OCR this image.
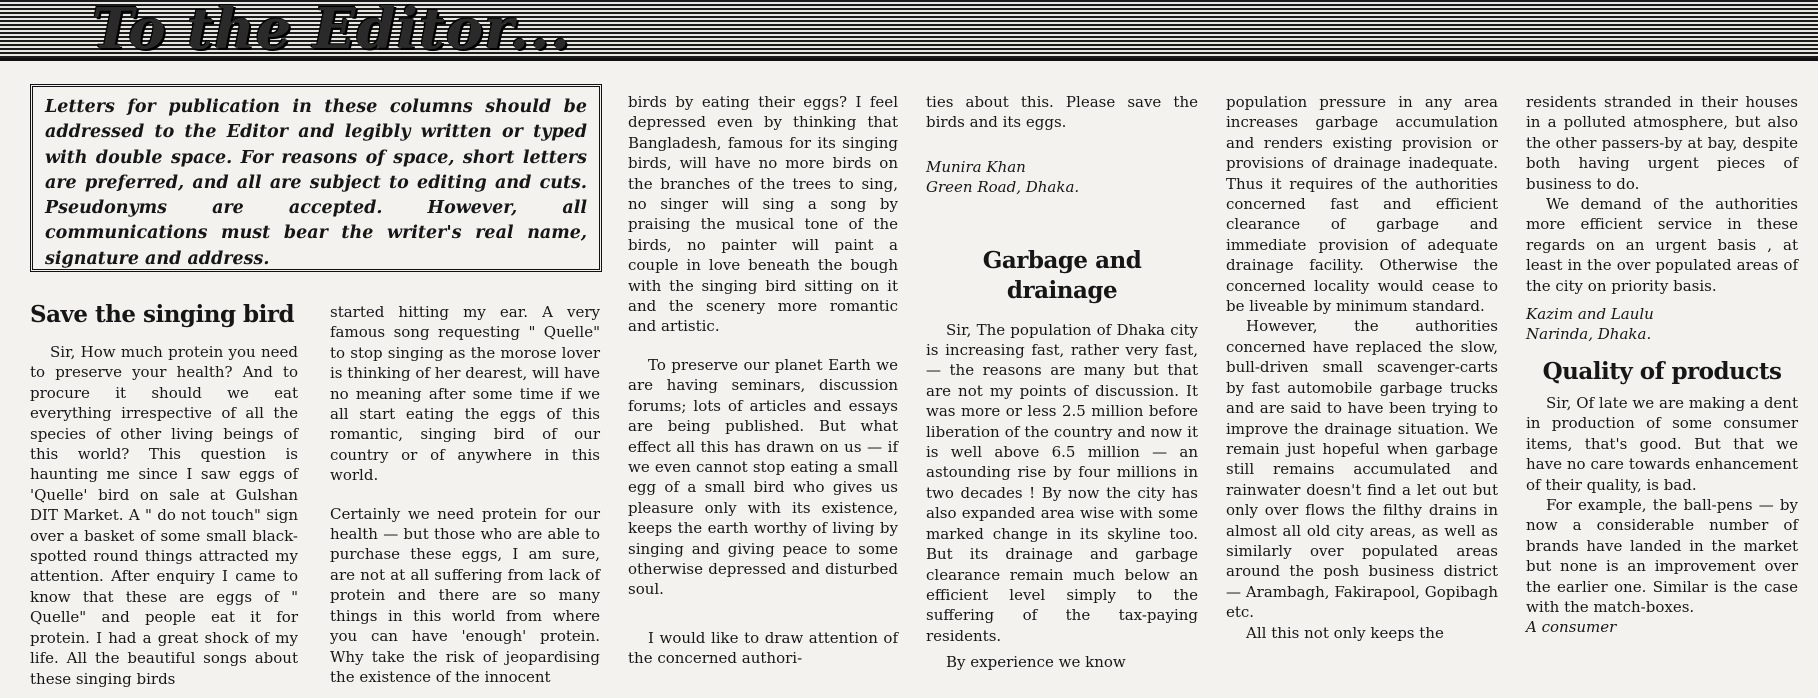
To the Editor...
Letters for publication in these columns should be addressed to the Editor and legibly written or typed with double space. For reasons of space, short letters are preferred, and all are subject to editing and cuts. Pseudonyms are accepted. However, all communications must bear the writer's real name, signature and address.
Save the singing bird

Sir, How much protein you need to preserve your health? And to procure it should we eat everything irrespective of all the species of other living beings of this world? This question is haunting me since I saw eggs of 'Quelle' bird on sale at Gulshan DIT Market. A " do not touch" sign over a basket of some small black-spotted round things attracted my attention. After enquiry I came to know that these are eggs of " Quelle" and people eat it for protein. I had a great shock of my life. All the beautiful songs about these singing birds

started hitting my ear. A very famous song requesting " Quelle" to stop singing as the morose lover is thinking of her dearest, will have no meaning after some time if we all start eating the eggs of this romantic, singing bird of our country or of anywhere in this world.

Certainly we need protein for our health — but those who are able to purchase these eggs, I am sure, are not at all suffering from lack of protein and there are so many things in this world from where you can have 'enough' protein. Why take the risk of jeopardising the existence of the innocent

birds by eating their eggs? I feel depressed even by thinking that Bangladesh, famous for its singing birds, will have no more birds on the branches of the trees to sing, no singer will sing a song by praising the musical tone of the birds, no painter will paint a couple in love beneath the bough with the singing bird sitting on it and the scenery more romantic and artistic.

To preserve our planet Earth we are having seminars, discussion forums; lots of articles and essays are being published. But what effect all this has drawn on us — if we even cannot stop eating a small egg of a small bird who gives us pleasure only with its existence, keeps the earth worthy of living by singing and giving peace to some otherwise depressed and disturbed soul.

I would like to draw attention of the concerned authori-

ties about this. Please save the birds and its eggs.

Munira Khan

Green Road, Dhaka.

Garbage and drainage

Sir, The population of Dhaka city is increasing fast, rather very fast, — the reasons are many but that are not my points of discussion. It was more or less 2.5 million before liberation of the country and now it is well above 6.5 million — an astounding rise by four millions in two decades ! By now the city has also expanded area wise with some marked change in its skyline too. But its drainage and garbage clearance remain much below an efficient level simply to the suffering of the tax-paying residents.

By experience we know

population pressure in any area increases garbage accumulation and renders existing provision or provisions of drainage inadequate. Thus it requires of the authorities concerned fast and efficient clearance of garbage and immediate provision of adequate drainage facility. Otherwise the concerned locality would cease to be liveable by minimum standard.

However, the authorities concerned have replaced the slow, bull-driven small scavenger-carts by fast automobile garbage trucks and are said to have been trying to improve the drainage situation. We remain just hopeful when garbage still remains accumulated and rainwater doesn't find a let out but only over flows the filthy drains in almost all old city areas, as well as similarly over populated areas around the posh business district — Arambagh, Fakirapool, Gopibagh etc.

All this not only keeps the

residents stranded in their houses in a polluted atmosphere, but also the other passers-by at bay, despite both having urgent pieces of business to do.

We demand of the authorities more efficient service in these regards on an urgent basis , at least in the over populated areas of the city on priority basis.

Kazim and Laulu

Narinda, Dhaka.

Quality of products

Sir, Of late we are making a dent in production of some consumer items, that's good. But that we have no care towards enhancement of their quality, is bad.

For example, the ball-pens — by now a considerable number of brands have landed in the market but none is an improvement over the earlier one. Similar is the case with the match-boxes.

A consumer
